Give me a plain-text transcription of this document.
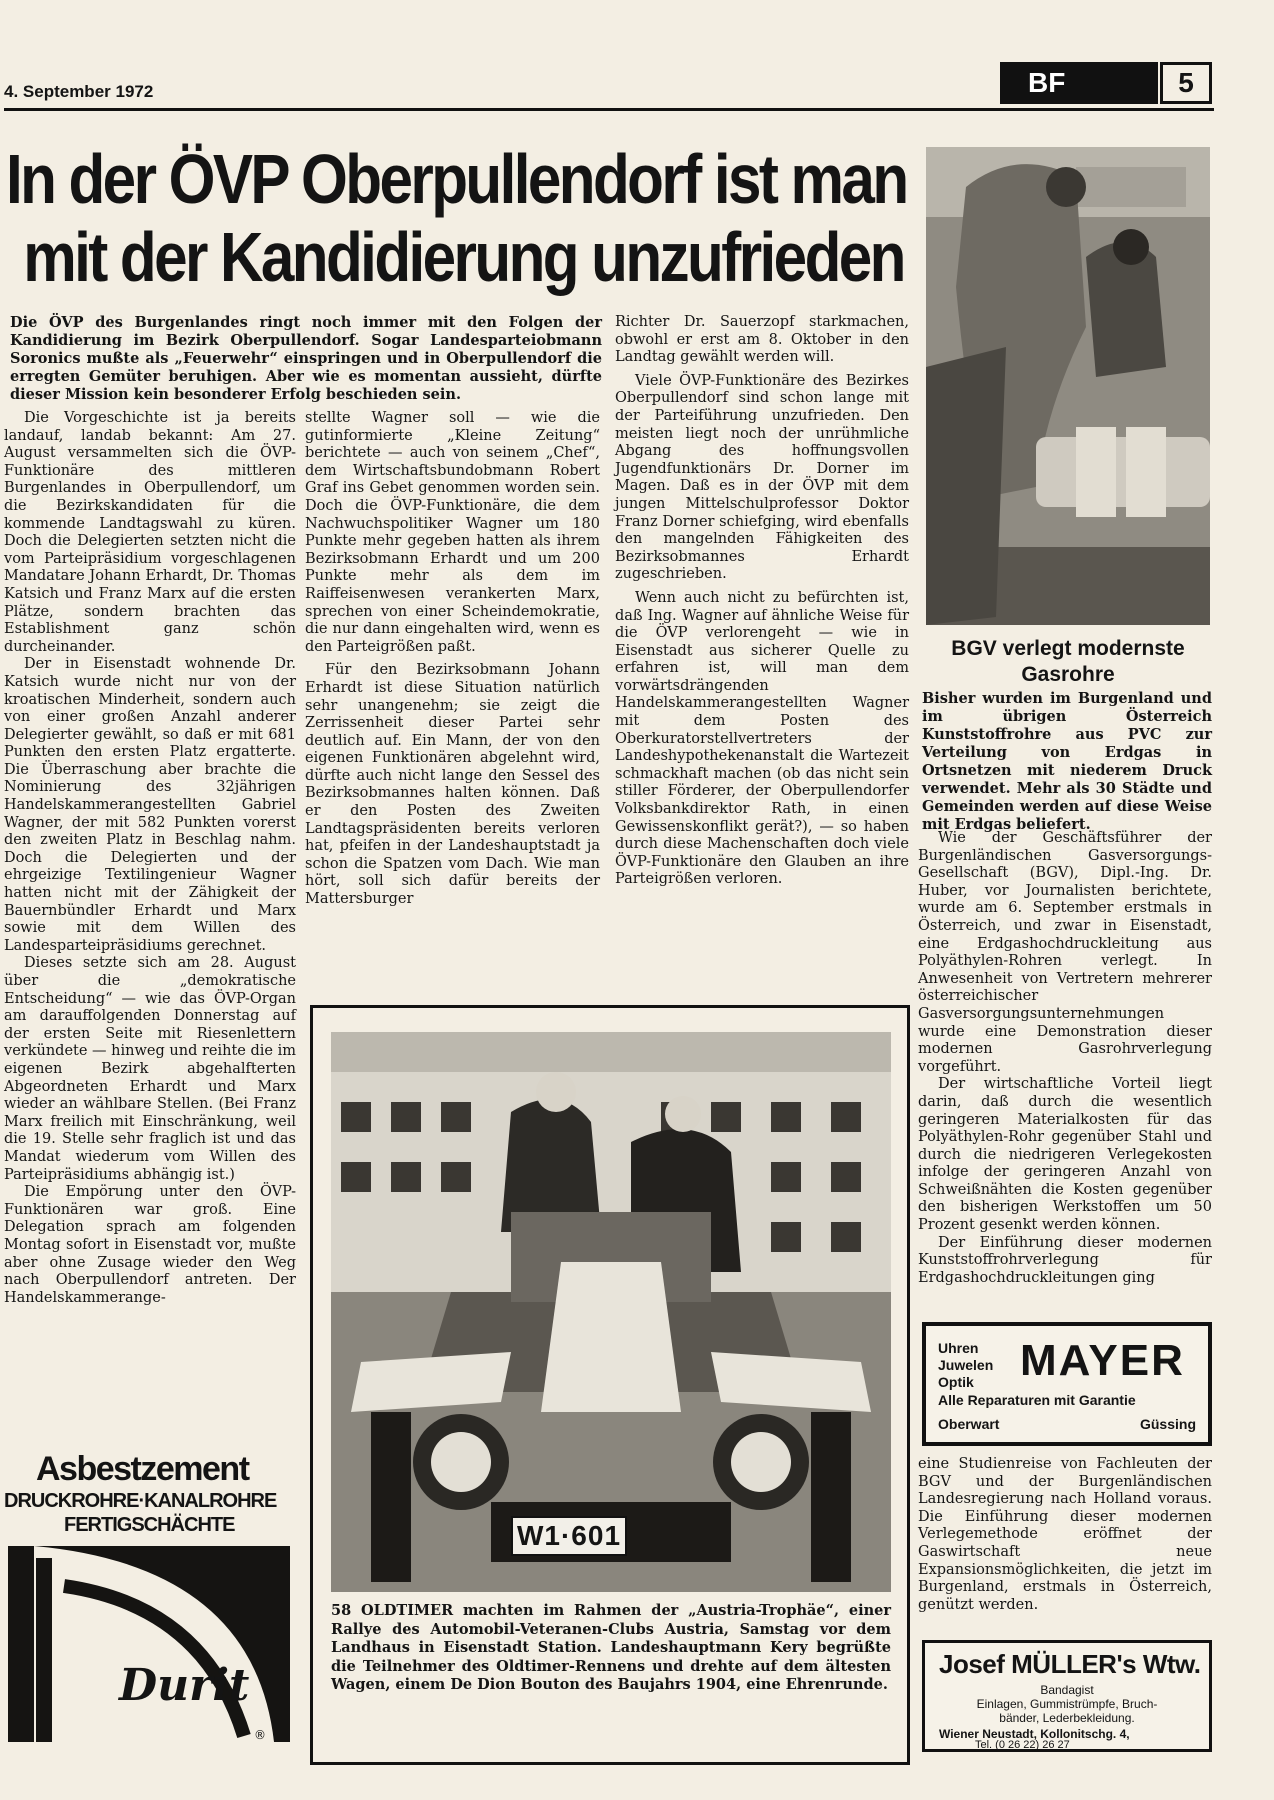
4. September 1972	BF	5
In der ÖVP Oberpullendorf ist man
mit der Kandidierung unzufrieden
Die ÖVP des Burgenlandes ringt noch immer mit den Folgen der Kandidierung im Bezirk Oberpullendorf. Sogar Landesparteiobmann Soronics mußte als „Feuerwehr“ einspringen und in Oberpullendorf die erregten Gemüter beruhigen. Aber wie es momentan aussieht, dürfte dieser Mission kein besonderer Erfolg beschieden sein.

Richter Dr. Sauerzopf starkmachen, obwohl er erst am 8. Oktober in den Landtag gewählt werden will.

Viele ÖVP-Funktionäre des Bezirkes Oberpullendorf sind schon lange mit der Parteiführung unzufrieden. Den meisten liegt noch der unrühmliche Abgang des hoffnungsvollen Jugendfunktionärs Dr. Dorner im Magen. Daß es in der ÖVP mit dem jungen Mittelschulprofessor Doktor Franz Dorner schiefging, wird ebenfalls den mangelnden Fähigkeiten des Bezirksobmannes Erhardt zugeschrieben.

Wenn auch nicht zu befürchten ist, daß Ing. Wagner auf ähnliche Weise für die ÖVP verlorengeht — wie in Eisenstadt aus sicherer Quelle zu erfahren ist, will man dem vorwärtsdrängenden Handelskammerangestellten Wagner mit dem Posten des Oberkuratorstellvertreters der Landeshypothekenanstalt die Wartezeit schmackhaft machen (ob das nicht sein stiller Förderer, der Oberpullendorfer Volksbankdirektor Rath, in einen Gewissenskonflikt gerät?), — so haben durch diese Machenschaften doch viele ÖVP-Funktionäre den Glauben an ihre Parteigrößen verloren.

Die Vorgeschichte ist ja bereits landauf, landab bekannt: Am 27. August versammelten sich die ÖVP-Funktionäre des mittleren Burgenlandes in Oberpullendorf, um die Bezirkskandidaten für die kommende Landtagswahl zu küren. Doch die Delegierten setzten nicht die vom Parteipräsidium vorgeschlagenen Mandatare Johann Erhardt, Dr. Thomas Katsich und Franz Marx auf die ersten Plätze, sondern brachten das Establishment ganz schön durcheinander.

Der in Eisenstadt wohnende Dr. Katsich wurde nicht nur von der kroatischen Minderheit, sondern auch von einer großen Anzahl anderer Delegierter gewählt, so daß er mit 681 Punkten den ersten Platz ergatterte. Die Überraschung aber brachte die Nominierung des 32jährigen Handelskammerangestellten Gabriel Wagner, der mit 582 Punkten vorerst den zweiten Platz in Beschlag nahm. Doch die Delegierten und der ehrgeizige Textilingenieur Wagner hatten nicht mit der Zähigkeit der Bauernbündler Erhardt und Marx sowie mit dem Willen des Landesparteipräsidiums gerechnet.

Dieses setzte sich am 28. August über die „demokratische Entscheidung“ — wie das ÖVP-Organ am darauffolgenden Donnerstag auf der ersten Seite mit Riesenlettern verkündete — hinweg und reihte die im eigenen Bezirk abgehalfterten Abgeordneten Erhardt und Marx wieder an wählbare Stellen. (Bei Franz Marx freilich mit Einschränkung, weil die 19. Stelle sehr fraglich ist und das Mandat wiederum vom Willen des Parteipräsidiums abhängig ist.)

Die Empörung unter den ÖVP-Funktionären war groß. Eine Delegation sprach am folgenden Montag sofort in Eisenstadt vor, mußte aber ohne Zusage wieder den Weg nach Oberpullendorf antreten. Der Handelskammerange-

stellte Wagner soll — wie die gutinformierte „Kleine Zeitung“ berichtete — auch von seinem „Chef“, dem Wirtschaftsbundobmann Robert Graf ins Gebet genommen worden sein. Doch die ÖVP-Funktionäre, die dem Nachwuchspolitiker Wagner um 180 Punkte mehr gegeben hatten als ihrem Bezirksobmann Erhardt und um 200 Punkte mehr als dem im Raiffeisenwesen verankerten Marx, sprechen von einer Scheindemokratie, die nur dann eingehalten wird, wenn es den Parteigrößen paßt.

Für den Bezirksobmann Johann Erhardt ist diese Situation natürlich sehr unangenehm; sie zeigt die Zerrissenheit dieser Partei sehr deutlich auf. Ein Mann, der von den eigenen Funktionären abgelehnt wird, dürfte auch nicht lange den Sessel des Bezirksobmannes halten können. Daß er den Posten des Zweiten Landtagspräsidenten bereits verloren hat, pfeifen in der Landeshauptstadt ja schon die Spatzen vom Dach. Wie man hört, soll sich dafür bereits der Mattersburger

BGV verlegt modernste Gasrohre
Bisher wurden im Burgenland und im übrigen Österreich Kunststoffrohre aus PVC zur Verteilung von Erdgas in Ortsnetzen mit niederem Druck verwendet. Mehr als 30 Städte und Gemeinden werden auf diese Weise mit Erdgas beliefert.

Wie der Geschäftsführer der Burgenländischen Gasversorgungs-Gesellschaft (BGV), Dipl.-Ing. Dr. Huber, vor Journalisten berichtete, wurde am 6. September erstmals in Österreich, und zwar in Eisenstadt, eine Erdgashochdruckleitung aus Polyäthylen-Rohren verlegt. In Anwesenheit von Vertretern mehrerer österreichischer Gasversorgungsunternehmungen wurde eine Demonstration dieser modernen Gasrohrverlegung vorgeführt.

Der wirtschaftliche Vorteil liegt darin, daß durch die wesentlich geringeren Materialkosten für das Polyäthylen-Rohr gegenüber Stahl und durch die niedrigeren Verlegekosten infolge der geringeren Anzahl von Schweißnähten die Kosten gegenüber den bisherigen Werkstoffen um 50 Prozent gesenkt werden können.

Der Einführung dieser modernen Kunststoffrohrverlegung für Erdgashochdruckleitungen ging

Uhren
Juwelen
Optik	MAYER
Alle Reparaturen mit Garantie
Oberwart	Güssing
eine Studienreise von Fachleuten der BGV und der Burgenländischen Landesregierung nach Holland voraus. Die Einführung dieser modernen Verlegemethode eröffnet der Gaswirtschaft neue Expansionsmöglichkeiten, die jetzt im Burgenland, erstmals in Österreich, genützt werden.
Josef MÜLLER's Wtw.
Bandagist
Einlagen, Gummistrümpfe, Bruch-
bänder, Lederbekleidung.
Wiener Neustadt, Kollonitschg. 4,
Tel. (0 26 22) 26 27
W1·601
58 OLDTIMER machten im Rahmen der „Austria-Trophäe“, einer Rallye des Automobil-Veteranen-Clubs Austria, Samstag vor dem Landhaus in Eisenstadt Station. Landeshauptmann Kery begrüßte die Teilnehmer des Oldtimer-Rennens und drehte auf dem ältesten Wagen, einem De Dion Bouton des Baujahrs 1904, eine Ehrenrunde.
Asbestzement
DRUCKROHRE·KANALROHRE
FERTIGSCHÄCHTE
Durit
®
